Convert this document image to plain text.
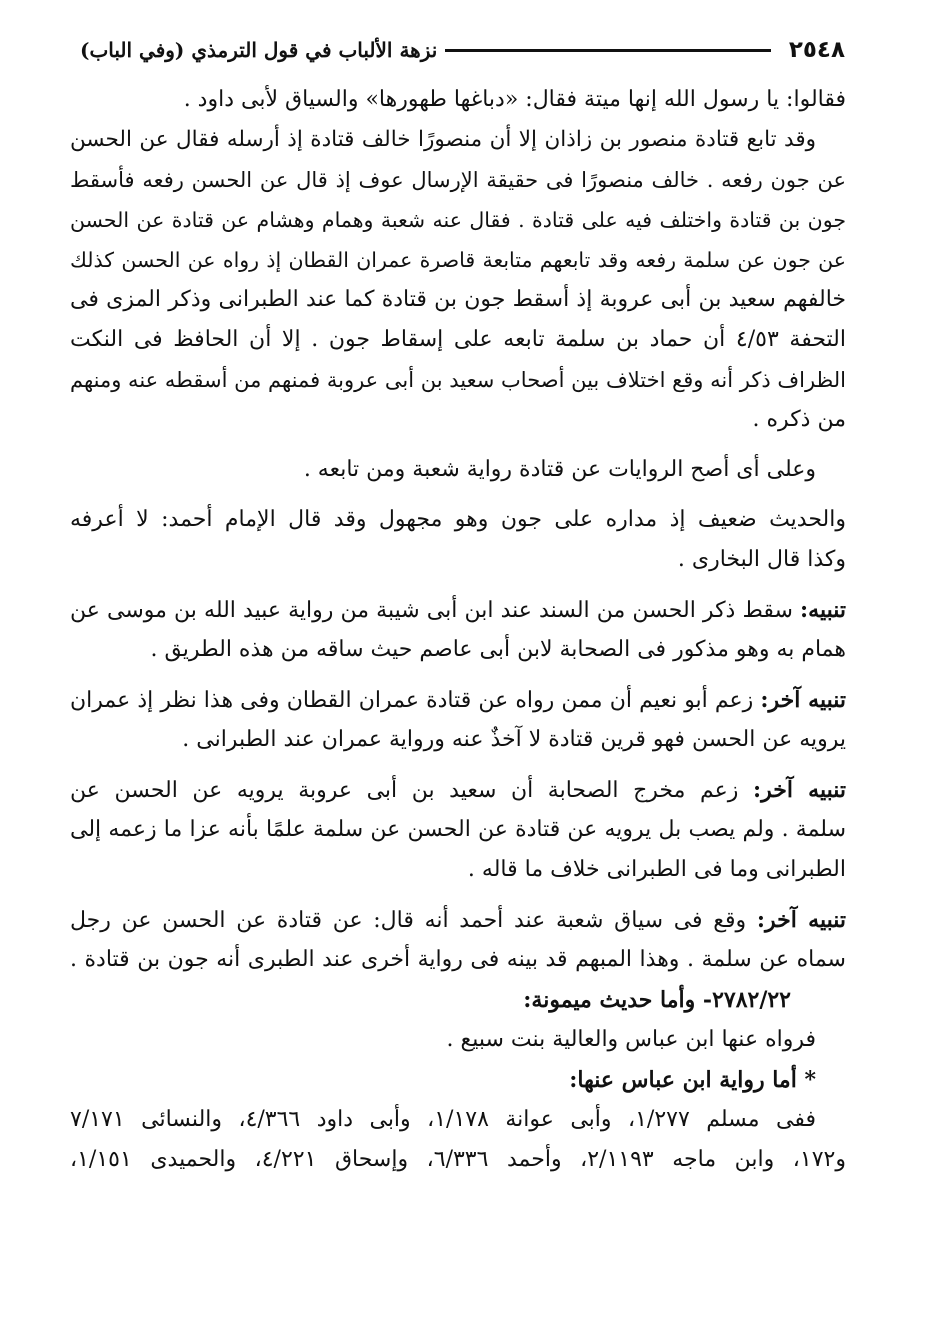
٢٥٤٨
نزهة الألباب في قول الترمذي (وفي الباب)
فقالوا: يا رسول الله إنها ميتة فقال: «دباغها طهورها» والسياق لأبى داود .
وقد تابع قتادة منصور بن زاذان إلا أن منصورًا خالف قتادة إذ أرسله فقال عن الحسن
عن جون رفعه . خالف منصورًا فى حقيقة الإرسال عوف إذ قال عن الحسن رفعه فأسقط
جون بن قتادة واختلف فيه على قتادة . فقال عنه شعبة وهمام وهشام عن قتادة عن الحسن
عن جون عن سلمة رفعه وقد تابعهم متابعة قاصرة عمران القطان إذ رواه عن الحسن كذلك
خالفهم سعيد بن أبى عروبة إذ أسقط جون بن قتادة كما عند الطبرانى وذكر المزى فى
التحفة ٤/٥٣ أن حماد بن سلمة تابعه على إسقاط جون . إلا أن الحافظ فى النكت
الظراف ذكر أنه وقع اختلاف بين أصحاب سعيد بن أبى عروبة فمنهم من أسقطه عنه ومنهم
من ذكره .
وعلى أى أصح الروايات عن قتادة رواية شعبة ومن تابعه .
والحديث ضعيف إذ مداره على جون وهو مجهول وقد قال الإمام أحمد: لا أعرفه
وكذا قال البخارى .
تنبيه: سقط ذكر الحسن من السند عند ابن أبى شيبة من رواية عبيد الله بن موسى عن
همام به وهو مذكور فى الصحابة لابن أبى عاصم حيث ساقه من هذه الطريق .
تنبيه آخر: زعم أبو نعيم أن ممن رواه عن قتادة عمران القطان وفى هذا نظر إذ عمران
يرويه عن الحسن فهو قرين قتادة لا آخذٌ عنه ورواية عمران عند الطبرانى .
تنبيه آخر: زعم مخرج الصحابة أن سعيد بن أبى عروبة يرويه عن الحسن عن
سلمة . ولم يصب بل يرويه عن قتادة عن الحسن عن سلمة علمًا بأنه عزا ما زعمه إلى
الطبرانى وما فى الطبرانى خلاف ما قاله .
تنبيه آخر: وقع فى سياق شعبة عند أحمد أنه قال: عن قتادة عن الحسن عن رجل
سماه عن سلمة . وهذا المبهم قد بينه فى رواية أخرى عند الطبرى أنه جون بن قتادة .
٢٧٨٢/٢٢- وأما حديث ميمونة:
فرواه عنها ابن عباس والعالية بنت سبيع .
* أما رواية ابن عباس عنها:
ففى مسلم ١/٢٧٧، وأبى عوانة ١/١٧٨، وأبى داود ٤/٣٦٦، والنسائى ٧/١٧١
و١٧٢، وابن ماجه ٢/١١٩٣، وأحمد ٦/٣٣٦، وإسحاق ٤/٢٢١، والحميدى ١/١٥١،
